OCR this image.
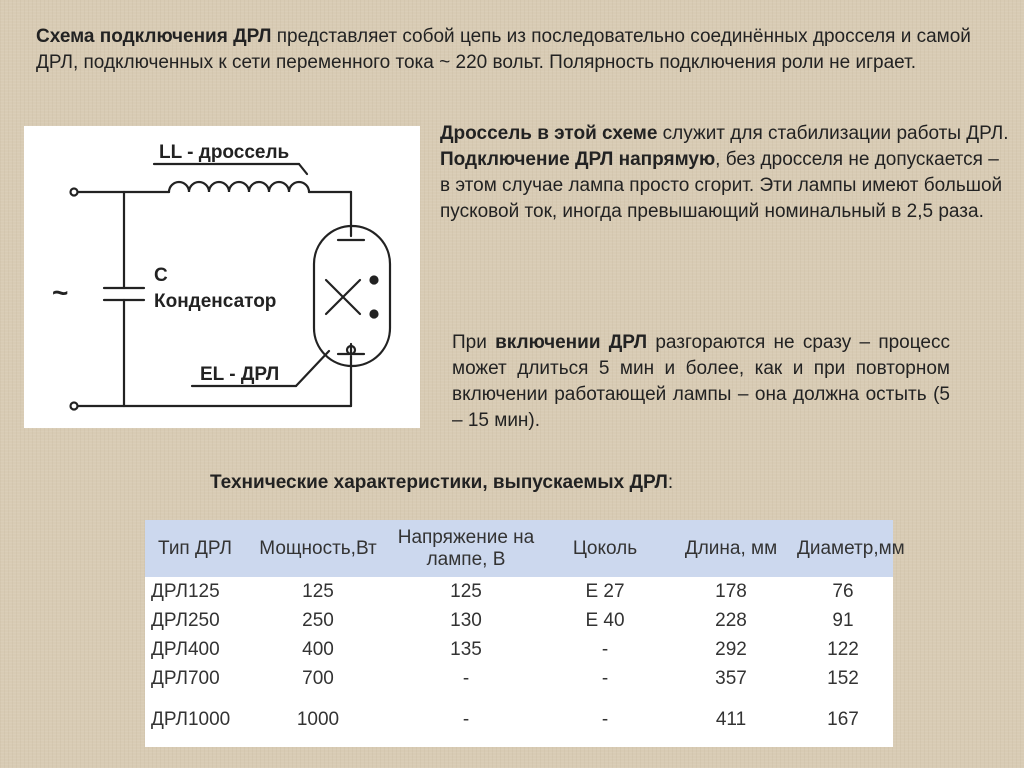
Схема подключения ДРЛ представляет собой цепь из последовательно соединённых дросселя и самой ДРЛ, подключенных к сети переменного тока ~ 220 вольт. Полярность подключения роли не играет.
LL - дроссель
C
Конденсатор
EL - ДРЛ
~
Дроссель в этой схеме служит для стабилизации работы ДРЛ.
Подключение ДРЛ напрямую, без дросселя не допускается – в этом случае лампа просто сгорит. Эти лампы имеют большой пусковой ток, иногда превышающий номинальный в 2,5 раза.
При включении ДРЛ разгораются не сразу – процесс может длиться 5 мин и более, как и при повторном включении работающей лампы – она должна остыть (5 – 15 мин).
Технические характеристики, выпускаемых ДРЛ:
Тип ДРЛ	Мощность,Вт	Напряжение на лампе, В	Цоколь	Длина, мм	Диаметр,мм
ДРЛ125	125	125	Е 27	178	76
ДРЛ250	250	130	Е 40	228	91
ДРЛ400	400	135	-	292	122
ДРЛ700	700	-	-	357	152
ДРЛ1000	1000	-	-	411	167
